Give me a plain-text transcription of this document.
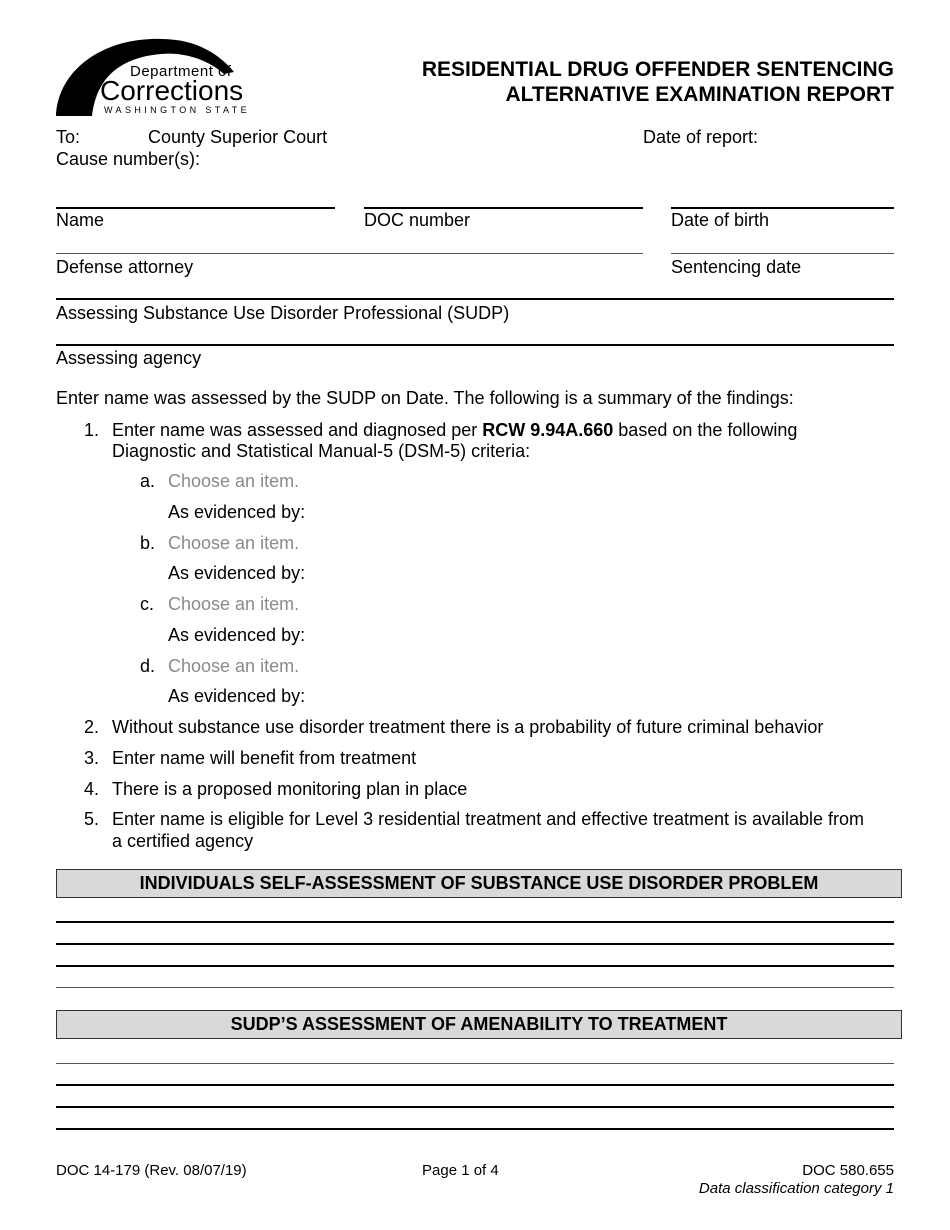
Department of
Corrections
WASHINGTON STATE
RESIDENTIAL DRUG OFFENDER SENTENCING
ALTERNATIVE EXAMINATION REPORT
To:	County Superior Court	Date of report:
Cause number(s):
Name	DOC number	Date of birth
Defense attorney	Sentencing date
Assessing Substance Use Disorder Professional (SUDP)
Assessing agency
Enter name was assessed by the SUDP on Date. The following is a summary of the findings:
1. Enter name was assessed and diagnosed per RCW 9.94A.660 based on the following
Diagnostic and Statistical Manual-5 (DSM-5) criteria:
a. Choose an item.
As evidenced by:
b. Choose an item.
As evidenced by:
c. Choose an item.
As evidenced by:
d. Choose an item.
As evidenced by:
2. Without substance use disorder treatment there is a probability of future criminal behavior
3. Enter name will benefit from treatment
4. There is a proposed monitoring plan in place
5. Enter name is eligible for Level 3 residential treatment and effective treatment is available from
a certified agency
INDIVIDUALS SELF-ASSESSMENT OF SUBSTANCE USE DISORDER PROBLEM
SUDP’S ASSESSMENT OF AMENABILITY TO TREATMENT
DOC 14-179 (Rev. 08/07/19)	Page 1 of 4	DOC 580.655
Data classification category 1
